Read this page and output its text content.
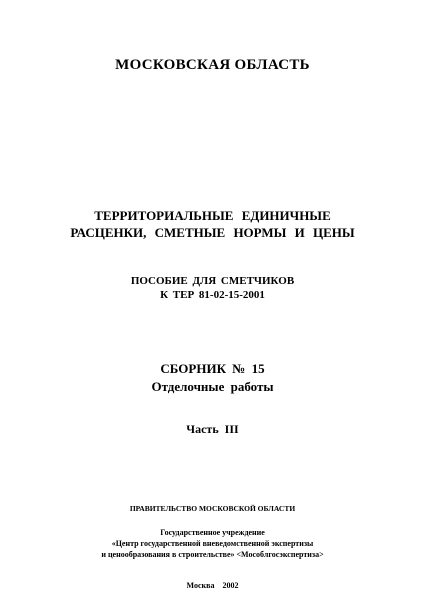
МОСКОВСКАЯ ОБЛАСТЬ
ТЕРРИТОРИАЛЬНЫЕ ЕДИНИЧНЫЕ
РАСЦЕНКИ, СМЕТНЫЕ НОРМЫ И ЦЕНЫ
ПОСОБИЕ ДЛЯ СМЕТЧИКОВ
К ТЕР 81-02-15-2001
СБОРНИК № 15
Отделочные работы
Часть III
ПРАВИТЕЛЬСТВО МОСКОВСКОЙ ОБЛАСТИ
Государственное учреждение
«Центр государственной вневедомственной экспертизы
и ценообразования в строительстве» <Мособлгосэкспертиза>
Москва 2002
